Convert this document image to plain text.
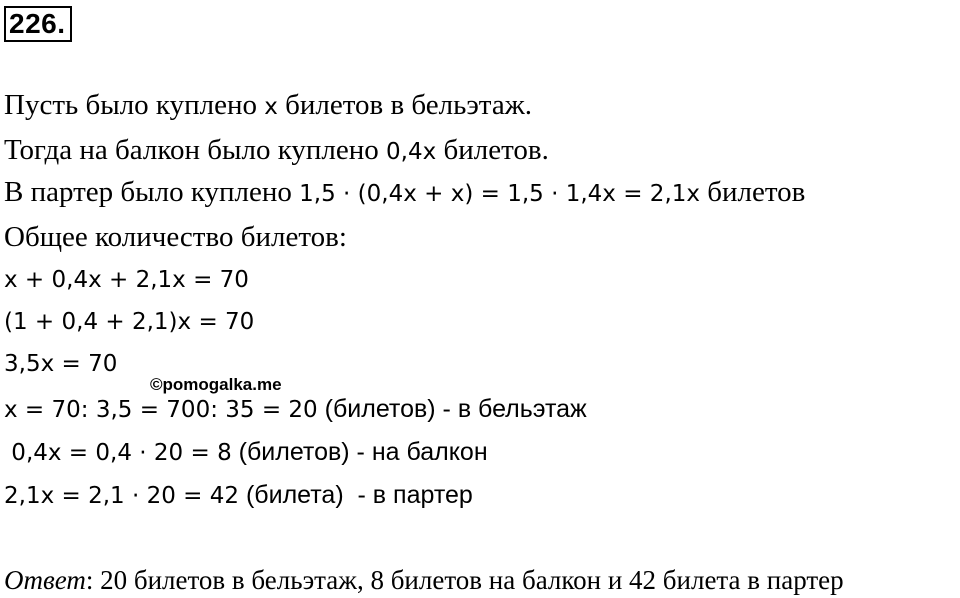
226.
Пусть было куплено x билетов в бельэтаж.
Тогда на балкон было куплено 0,4x билетов.
В партер было куплено 1,5 · (0,4x + x) = 1,5 · 1,4x = 2,1x билетов
Общее количество билетов:
x + 0,4x + 2,1x = 70
(1 + 0,4 + 2,1)x = 70
3,5x = 70
©pomogalka.me
x = 70: 3,5 = 700: 35 = 20 (билетов) - в бельэтаж
0,4x = 0,4 · 20 = 8 (билетов) - на балкон
2,1x = 2,1 · 20 = 42 (билета)  - в партер
Ответ: 20 билетов в бельэтаж, 8 билетов на балкон и 42 билета в партер
